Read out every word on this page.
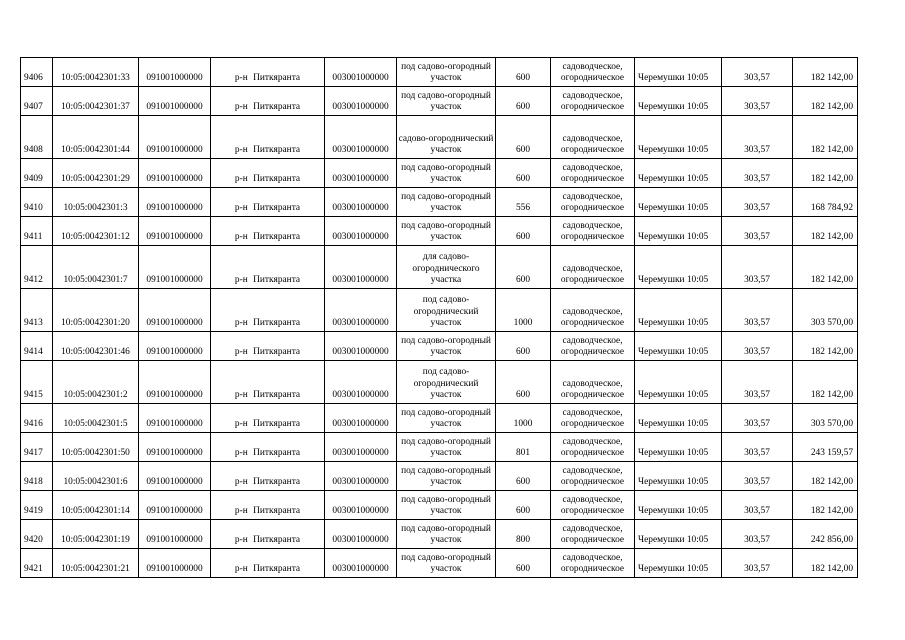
9406	10:05:0042301:33	091001000000	р-н Питкяранта	003001000000	под садово-огородный участок	600	садоводческое, огородническое	Черемушки 10:05	303,57	182 142,00
9407	10:05:0042301:37	091001000000	р-н Питкяранта	003001000000	под садово-огородный участок	600	садоводческое, огородническое	Черемушки 10:05	303,57	182 142,00
9408	10:05:0042301:44	091001000000	р-н Питкяранта	003001000000	садово-огороднический участок	600	садоводческое, огородническое	Черемушки 10:05	303,57	182 142,00
9409	10:05:0042301:29	091001000000	р-н Питкяранта	003001000000	под садово-огородный участок	600	садоводческое, огородническое	Черемушки 10:05	303,57	182 142,00
9410	10:05:0042301:3	091001000000	р-н Питкяранта	003001000000	под садово-огородный участок	556	садоводческое, огородническое	Черемушки 10:05	303,57	168 784,92
9411	10:05:0042301:12	091001000000	р-н Питкяранта	003001000000	под садово-огородный участок	600	садоводческое, огородническое	Черемушки 10:05	303,57	182 142,00
9412	10:05:0042301:7	091001000000	р-н Питкяранта	003001000000	для садово-огороднического участка	600	садоводческое, огородническое	Черемушки 10:05	303,57	182 142,00
9413	10:05:0042301:20	091001000000	р-н Питкяранта	003001000000	под садово-огороднический участок	1000	садоводческое, огородническое	Черемушки 10:05	303,57	303 570,00
9414	10:05:0042301:46	091001000000	р-н Питкяранта	003001000000	под садово-огородный участок	600	садоводческое, огородническое	Черемушки 10:05	303,57	182 142,00
9415	10:05:0042301:2	091001000000	р-н Питкяранта	003001000000	под садово-огороднический участок	600	садоводческое, огородническое	Черемушки 10:05	303,57	182 142,00
9416	10:05:0042301:5	091001000000	р-н Питкяранта	003001000000	под садово-огородный участок	1000	садоводческое, огородническое	Черемушки 10:05	303,57	303 570,00
9417	10:05:0042301:50	091001000000	р-н Питкяранта	003001000000	под садово-огородный участок	801	садоводческое, огородническое	Черемушки 10:05	303,57	243 159,57
9418	10:05:0042301:6	091001000000	р-н Питкяранта	003001000000	под садово-огородный участок	600	садоводческое, огородническое	Черемушки 10:05	303,57	182 142,00
9419	10:05:0042301:14	091001000000	р-н Питкяранта	003001000000	под садово-огородный участок	600	садоводческое, огородническое	Черемушки 10:05	303,57	182 142,00
9420	10:05:0042301:19	091001000000	р-н Питкяранта	003001000000	под садово-огородный участок	800	садоводческое, огородническое	Черемушки 10:05	303,57	242 856,00
9421	10:05:0042301:21	091001000000	р-н Питкяранта	003001000000	под садово-огородный участок	600	садоводческое, огородническое	Черемушки 10:05	303,57	182 142,00
